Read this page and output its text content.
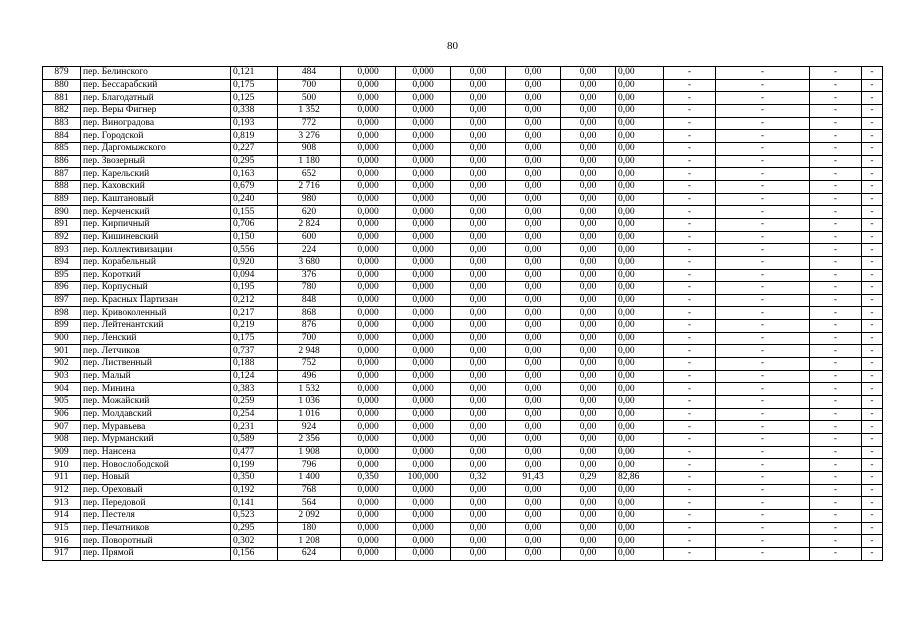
80
879	пер. Белинского	0,121	484	0,000	0,000	0,00	0,00	0,00	0,00	-	-	-	-
880	пер. Бессарабский	0,175	700	0,000	0,000	0,00	0,00	0,00	0,00	-	-	-	-
881	пер. Благодатный	0,125	500	0,000	0,000	0,00	0,00	0,00	0,00	-	-	-	-
882	пер. Веры Фигнер	0,338	1 352	0,000	0,000	0,00	0,00	0,00	0,00	-	-	-	-
883	пер. Виноградова	0,193	772	0,000	0,000	0,00	0,00	0,00	0,00	-	-	-	-
884	пер. Городской	0,819	3 276	0,000	0,000	0,00	0,00	0,00	0,00	-	-	-	-
885	пер. Даргомыжского	0,227	908	0,000	0,000	0,00	0,00	0,00	0,00	-	-	-	-
886	пер. Звозерный	0,295	1 180	0,000	0,000	0,00	0,00	0,00	0,00	-	-	-	-
887	пер. Карельский	0,163	652	0,000	0,000	0,00	0,00	0,00	0,00	-	-	-	-
888	пер. Каховский	0,679	2 716	0,000	0,000	0,00	0,00	0,00	0,00	-	-	-	-
889	пер. Каштановый	0,240	980	0,000	0,000	0,00	0,00	0,00	0,00	-	-	-	-
890	пер. Керченский	0,155	620	0,000	0,000	0,00	0,00	0,00	0,00	-	-	-	-
891	пер. Кирпичный	0,706	2 824	0,000	0,000	0,00	0,00	0,00	0,00	-	-	-	-
892	пер. Кишиневский	0,150	600	0,000	0,000	0,00	0,00	0,00	0,00	-	-	-	-
893	пер. Коллективизации	0,556	224	0,000	0,000	0,00	0,00	0,00	0,00	-	-	-	-
894	пер. Корабельный	0,920	3 680	0,000	0,000	0,00	0,00	0,00	0,00	-	-	-	-
895	пер. Короткий	0,094	376	0,000	0,000	0,00	0,00	0,00	0,00	-	-	-	-
896	пер. Корпусный	0,195	780	0,000	0,000	0,00	0,00	0,00	0,00	-	-	-	-
897	пер. Красных Партизан	0,212	848	0,000	0,000	0,00	0,00	0,00	0,00	-	-	-	-
898	пер. Кривоколенный	0,217	868	0,000	0,000	0,00	0,00	0,00	0,00	-	-	-	-
899	пер. Лейтенантский	0,219	876	0,000	0,000	0,00	0,00	0,00	0,00	-	-	-	-
900	пер. Ленский	0,175	700	0,000	0,000	0,00	0,00	0,00	0,00	-	-	-	-
901	пер. Летчиков	0,737	2 948	0,000	0,000	0,00	0,00	0,00	0,00	-	-	-	-
902	пер. Лиственный	0,188	752	0,000	0,000	0,00	0,00	0,00	0,00	-	-	-	-
903	пер. Малый	0,124	496	0,000	0,000	0,00	0,00	0,00	0,00	-	-	-	-
904	пер. Минина	0,383	1 532	0,000	0,000	0,00	0,00	0,00	0,00	-	-	-	-
905	пер. Можайский	0,259	1 036	0,000	0,000	0,00	0,00	0,00	0,00	-	-	-	-
906	пер. Молдавский	0,254	1 016	0,000	0,000	0,00	0,00	0,00	0,00	-	-	-	-
907	пер. Муравьева	0,231	924	0,000	0,000	0,00	0,00	0,00	0,00	-	-	-	-
908	пер. Мурманский	0,589	2 356	0,000	0,000	0,00	0,00	0,00	0,00	-	-	-	-
909	пер. Нансена	0,477	1 908	0,000	0,000	0,00	0,00	0,00	0,00	-	-	-	-
910	пер. Новослободской	0,199	796	0,000	0,000	0,00	0,00	0,00	0,00	-	-	-	-
911	пер. Новый	0,350	1 400	0,350	100,000	0,32	91,43	0,29	82,86	-	-	-	-
912	пер. Ореховый	0,192	768	0,000	0,000	0,00	0,00	0,00	0,00	-	-	-	-
913	пер. Передовой	0,141	564	0,000	0,000	0,00	0,00	0,00	0,00	-	-	-	-
914	пер. Пестеля	0,523	2 092	0,000	0,000	0,00	0,00	0,00	0,00	-	-	-	-
915	пер. Печатников	0,295	180	0,000	0,000	0,00	0,00	0,00	0,00	-	-	-	-
916	пер. Поворотный	0,302	1 208	0,000	0,000	0,00	0,00	0,00	0,00	-	-	-	-
917	пер. Прямой	0,156	624	0,000	0,000	0,00	0,00	0,00	0,00	-	-	-	-
